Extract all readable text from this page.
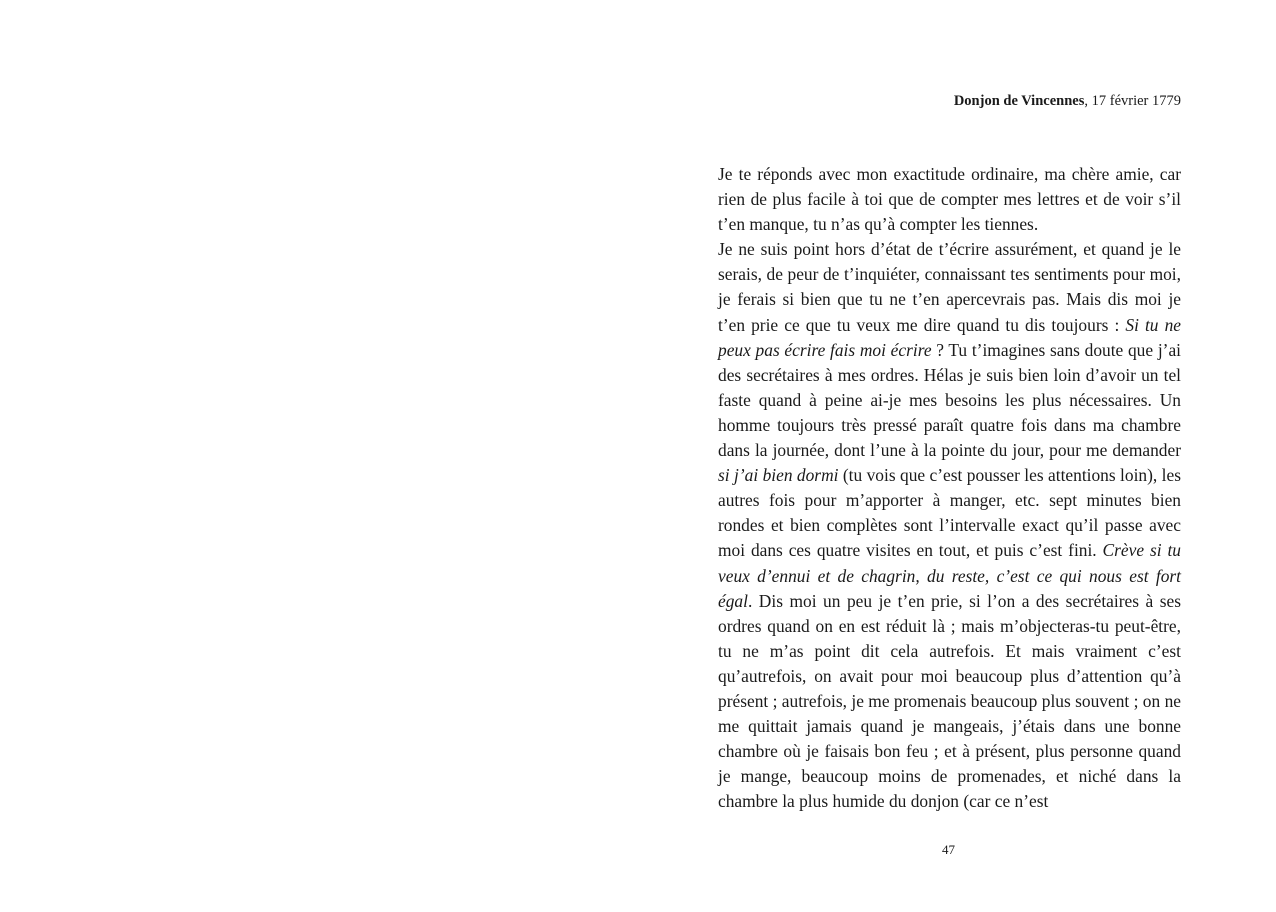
Donjon de Vincennes, 17 février 1779

Je te réponds avec mon exactitude ordinaire, ma chère amie, car rien de plus facile à toi que de compter mes lettres et de voir s’il t’en manque, tu n’as qu’à compter les tiennes.

Je ne suis point hors d’état de t’écrire assurément, et quand je le serais, de peur de t’inquiéter, connaissant tes sentiments pour moi, je ferais si bien que tu ne t’en apercevrais pas. Mais dis moi je t’en prie ce que tu veux me dire quand tu dis toujours : Si tu ne peux pas écrire fais moi écrire ? Tu t’imagines sans doute que j’ai des secrétaires à mes ordres. Hélas je suis bien loin d’avoir un tel faste quand à peine ai-je mes besoins les plus nécessaires. Un homme toujours très pressé paraît quatre fois dans ma chambre dans la journée, dont l’une à la pointe du jour, pour me demander si j’ai bien dormi (tu vois que c’est pousser les attentions loin), les autres fois pour m’apporter à manger, etc. sept minutes bien rondes et bien complètes sont l’intervalle exact qu’il passe avec moi dans ces quatre visites en tout, et puis c’est fini. Crève si tu veux d’ennui et de chagrin, du reste, c’est ce qui nous est fort égal. Dis moi un peu je t’en prie, si l’on a des secrétaires à ses ordres quand on en est réduit là ; mais m’objecteras-tu peut-être, tu ne m’as point dit cela autrefois. Et mais vraiment c’est qu’autrefois, on avait pour moi beaucoup plus d’attention qu’à présent ; autrefois, je me promenais beaucoup plus souvent ; on ne me quittait jamais quand je mangeais, j’étais dans une bonne chambre où je faisais bon feu ; et à présent, plus personne quand je mange, beaucoup moins de promenades, et niché dans la chambre la plus humide du donjon (car ce n’est

47
